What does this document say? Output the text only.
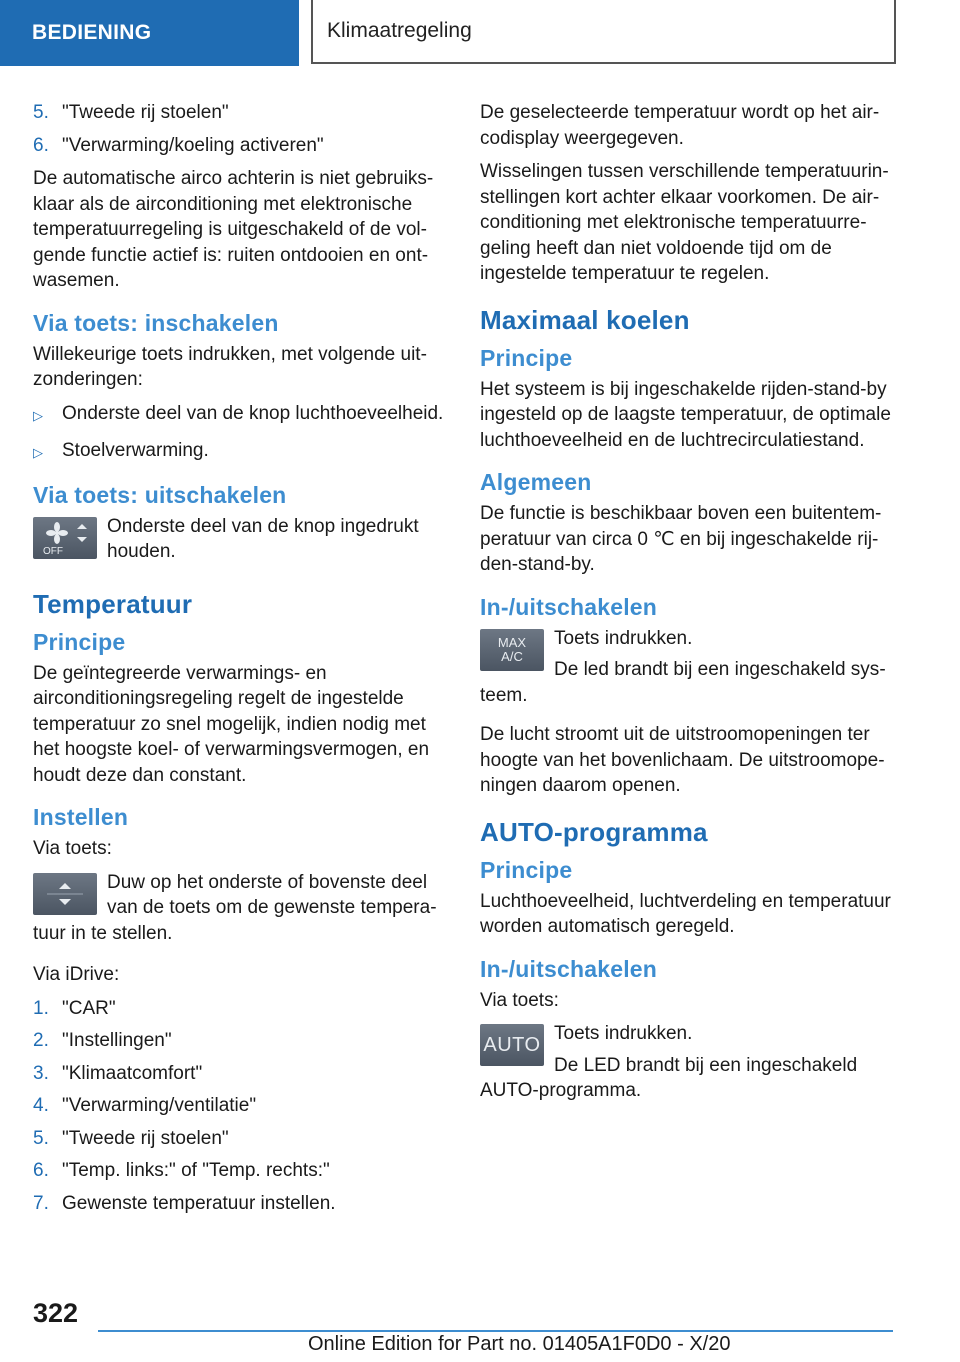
BEDIENING	Klimaatregeling
5. "Tweede rij stoelen"
6. "Verwarming/koeling activeren"

De automatische airco achterin is niet gebruiksklaar als de airconditioning met elektronische temperatuurregeling is uitgeschakeld of de volgende functie actief is: ruiten ontdooien en ontwasemen.

Via toets: inschakelen

Willekeurige toets indrukken, met volgende uitzonderingen:

▷	Onderste deel van de knop luchthoeveelheid.
▷	Stoelverwarming.
Via toets: uitschakelen
OFF

Onderste deel van de knop ingedrukt houden.

Temperatuur
Principe

De geïntegreerde verwarmings- en airconditioningsregeling regelt de ingestelde temperatuur zo snel mogelijk, indien nodig met het hoogste koel- of verwarmingsvermogen, en houdt deze dan constant.

Instellen

Via toets:

Duw op het onderste of bovenste deel van de toets om de gewenste temperatuur in te stellen.

Via iDrive:

1. "CAR"
2. "Instellingen"
3. "Klimaatcomfort"
4. "Verwarming/ventilatie"
5. "Tweede rij stoelen"
6. "Temp. links:" of "Temp. rechts:"
7. Gewenste temperatuur instellen.

De geselecteerde temperatuur wordt op het aircodisplay weergegeven.

Wisselingen tussen verschillende temperatuurinstellingen kort achter elkaar voorkomen. De airconditioning met elektronische temperatuurregeling heeft dan niet voldoende tijd om de ingestelde temperatuur te regelen.

Maximaal koelen
Principe

Het systeem is bij ingeschakelde rijden-stand-by ingesteld op de laagste temperatuur, de optimale luchthoeveelheid en de luchtrecirculatiestand.

Algemeen

De functie is beschikbaar boven een buitentemperatuur van circa 0 ℃ en bij ingeschakelde rijden-stand-by.

In-/uitschakelen
MAX
A/C

Toets indrukken.

De led brandt bij een ingeschakeld systeem.

De lucht stroomt uit de uitstroomopeningen ter hoogte van het bovenlichaam. De uitstroomopeningen daarom openen.

AUTO-programma
Principe

Luchthoeveelheid, luchtverdeling en temperatuur worden automatisch geregeld.

In-/uitschakelen

Via toets:

AUTO Toets indrukken.

De LED brandt bij een ingeschakeld AUTO-programma.

322
Online Edition for Part no. 01405A1F0D0 - X/20
